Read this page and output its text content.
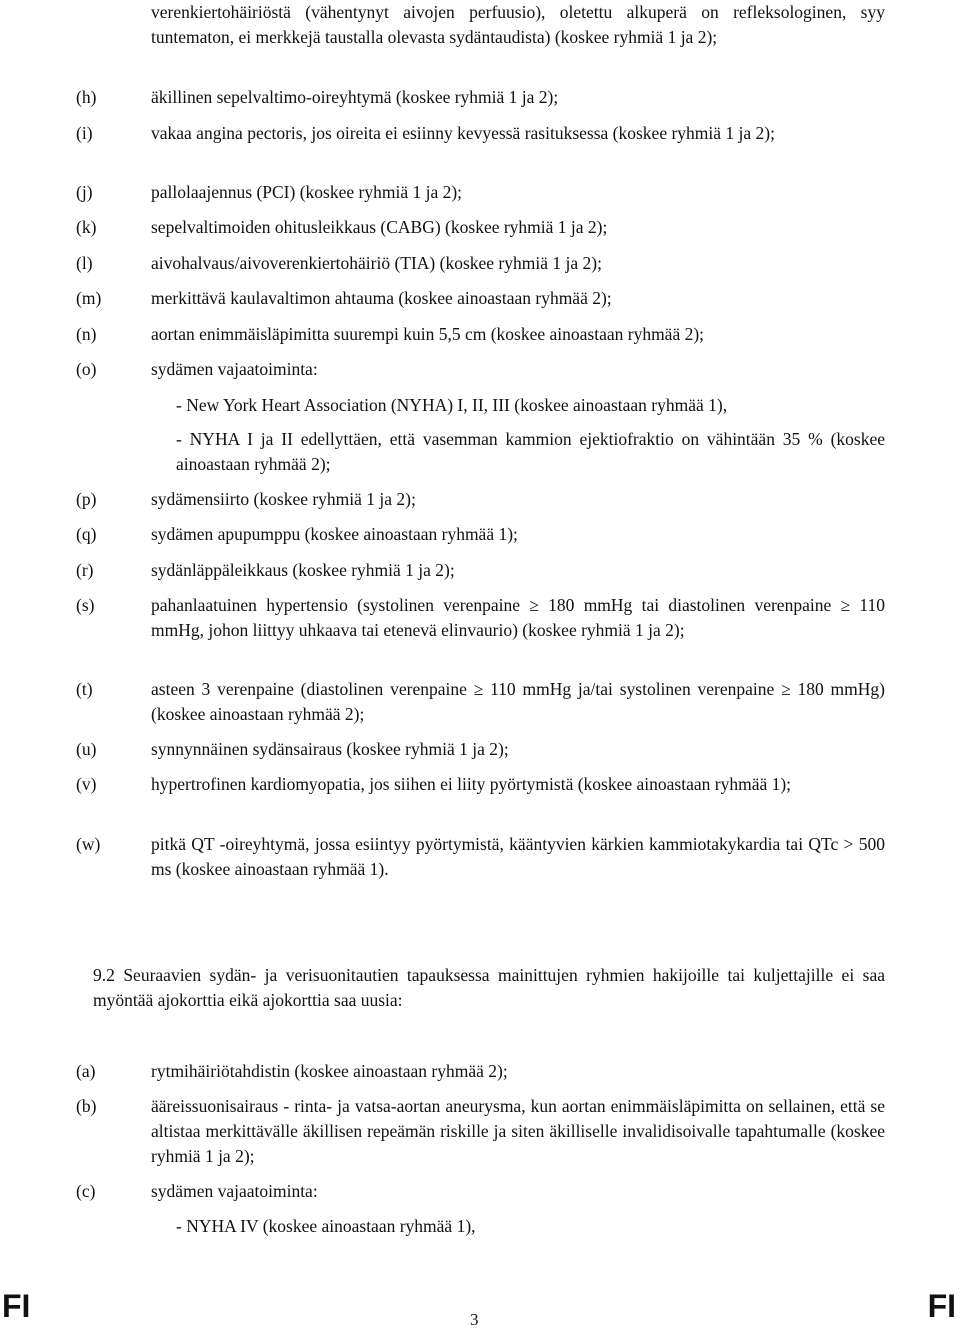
verenkiertohäiriöstä (vähentynyt aivojen perfuusio), oletettu alkuperä on refleksologinen, syy tuntematon, ei merkkejä taustalla olevasta sydäntaudista) (koskee ryhmiä 1 ja 2);
(h)	äkillinen sepelvaltimo-oireyhtymä (koskee ryhmiä 1 ja 2);
(i)	vakaa angina pectoris, jos oireita ei esiinny kevyessä rasituksessa (koskee ryhmiä 1 ja 2);
(j)	pallolaajennus (PCI) (koskee ryhmiä 1 ja 2);
(k)	sepelvaltimoiden ohitusleikkaus (CABG) (koskee ryhmiä 1 ja 2);
(l)	aivohalvaus/aivoverenkiertohäiriö (TIA) (koskee ryhmiä 1 ja 2);
(m)	merkittävä kaulavaltimon ahtauma (koskee ainoastaan ryhmää 2);
(n)	aortan enimmäisläpimitta suurempi kuin 5,5 cm (koskee ainoastaan ryhmää 2);
(o)	sydämen vajaatoiminta:
- New York Heart Association (NYHA) I, II, III (koskee ainoastaan ryhmää 1),
- NYHA I ja II edellyttäen, että vasemman kammion ejektiofraktio on vähintään 35 % (koskee ainoastaan ryhmää 2);
(p)	sydämensiirto (koskee ryhmiä 1 ja 2);
(q)	sydämen apupumppu (koskee ainoastaan ryhmää 1);
(r)	sydänläppäleikkaus (koskee ryhmiä 1 ja 2);
(s)	pahanlaatuinen hypertensio (systolinen verenpaine ≥ 180 mmHg tai diastolinen verenpaine ≥ 110 mmHg, johon liittyy uhkaava tai etenevä elinvaurio) (koskee ryhmiä 1 ja 2);
(t)	asteen 3 verenpaine (diastolinen verenpaine ≥ 110 mmHg ja/tai systolinen verenpaine ≥ 180 mmHg) (koskee ainoastaan ryhmää 2);
(u)	synnynnäinen sydänsairaus (koskee ryhmiä 1 ja 2);
(v)	hypertrofinen kardiomyopatia, jos siihen ei liity pyörtymistä (koskee ainoastaan ryhmää 1);
(w)	pitkä QT -oireyhtymä, jossa esiintyy pyörtymistä, kääntyvien kärkien kammiotakykardia tai QTc > 500 ms (koskee ainoastaan ryhmää 1).
9.2 Seuraavien sydän- ja verisuonitautien tapauksessa mainittujen ryhmien hakijoille tai kuljettajille ei saa myöntää ajokorttia eikä ajokorttia saa uusia:
(a)	rytmihäiriötahdistin (koskee ainoastaan ryhmää 2);
(b)	ääreissuonisairaus - rinta- ja vatsa-aortan aneurysma, kun aortan enimmäisläpimitta on sellainen, että se altistaa merkittävälle äkillisen repeämän riskille ja siten äkilliselle invalidisoivalle tapahtumalle (koskee ryhmiä 1 ja 2);
(c)	sydämen vajaatoiminta:
- NYHA IV (koskee ainoastaan ryhmää 1),
FI	3	FI
